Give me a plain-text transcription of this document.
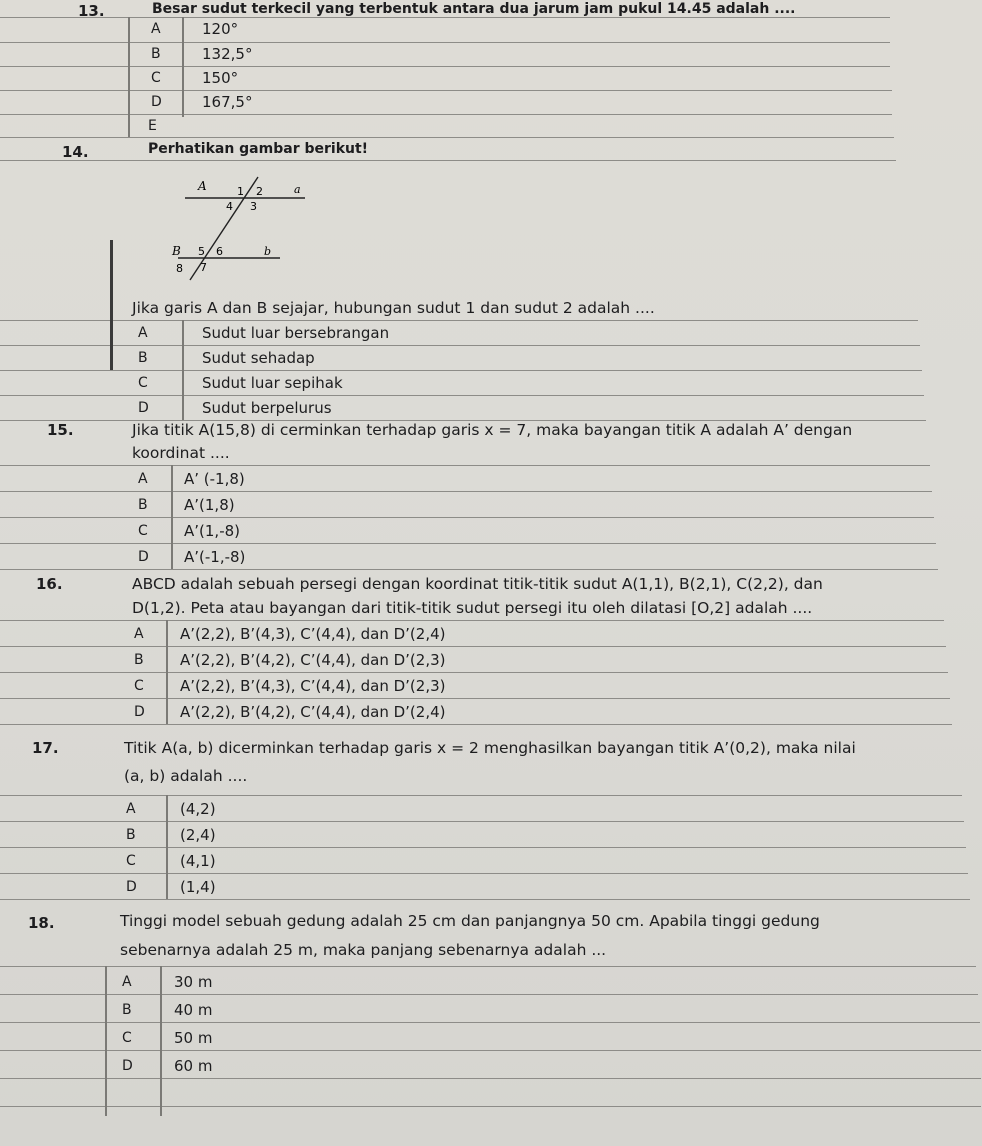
13.	Besar sudut terkecil yang terbentuk antara dua jarum jam pukul 14.45 adalah ....
A	120°
B	132,5°
C	150°
D	167,5°
E
14.	Perhatikan gambar berikut!
A	a
B	b
1 2
4 3
5 6
8 7
Jika garis A dan B sejajar, hubungan sudut 1 dan sudut 2 adalah ....
A	Sudut luar bersebrangan
B	Sudut sehadap
C	Sudut luar sepihak
D	Sudut berpelurus
15.	Jika titik A(15,8) di cerminkan terhadap garis x = 7, maka bayangan titik A adalah A’ dengan
koordinat ....
A A’ (-1,8)
B A’(1,8)
C A’(1,-8)
D A’(-1,-8)
16.	ABCD adalah sebuah persegi dengan koordinat titik-titik sudut A(1,1), B(2,1), C(2,2), dan
D(1,2). Peta atau bayangan dari titik-titik sudut persegi itu oleh dilatasi [O,2] adalah ....
A A’(2,2), B’(4,3), C’(4,4), dan D’(2,4)
B A’(2,2), B’(4,2), C’(4,4), dan D’(2,3)
C A’(2,2), B’(4,3), C’(4,4), dan D’(2,3)
D A’(2,2), B’(4,2), C’(4,4), dan D’(2,4)
17.	Titik A(a, b) dicerminkan terhadap garis x = 2 menghasilkan bayangan titik A’(0,2), maka nilai
(a, b) adalah ....
A	(4,2)
B	(2,4)
C	(4,1)
D	(1,4)
18.	Tinggi model sebuah gedung adalah 25 cm dan panjangnya 50 cm. Apabila tinggi gedung
sebenarnya adalah 25 m, maka panjang sebenarnya adalah ...
A	30 m
B	40 m
C	50 m
D	60 m
